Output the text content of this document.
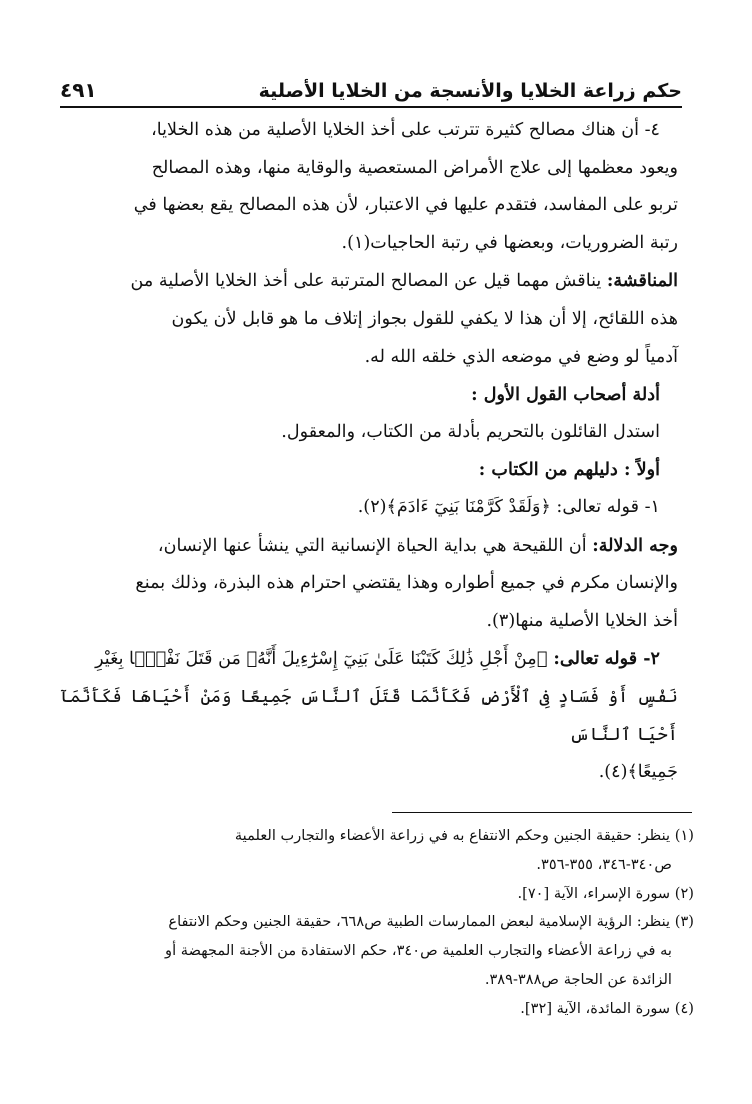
حكم زراعة الخلايا والأنسجة من الخلايا الأصلية
٤٩١

٤- أن هناك مصالح كثيرة تترتب على أخذ الخلايا الأصلية من هذه الخلايا،

ويعود معظمها إلى علاج الأمراض المستعصية والوقاية منها، وهذه المصالح

تربو على المفاسد، فتقدم عليها في الاعتبار، لأن هذه المصالح يقع بعضها في

رتبة الضروريات، وبعضها في رتبة الحاجيات(١).

المناقشة: يناقش مهما قيل عن المصالح المترتبة على أخذ الخلايا الأصلية من

هذه اللقائح، إلا أن هذا لا يكفي للقول بجواز إتلاف ما هو قابل لأن يكون

آدمياً لو وضع في موضعه الذي خلقه الله له.

أدلة أصحاب القول الأول :

استدل القائلون بالتحريم بأدلة من الكتاب، والمعقول.

أولاً : دليلهم من الكتاب :

١- قوله تعالى: ﴿وَلَقَدْ كَرَّمْنَا بَنِيٓ ءَادَمَ﴾(٢).

وجه الدلالة: أن اللقيحة هي بداية الحياة الإنسانية التي ينشأ عنها الإنسان،

والإنسان مكرم في جميع أطواره وهذا يقتضي احترام هذه البذرة، وذلك بمنع

أخذ الخلايا الأصلية منها(٣).

٢- قوله تعالى: ﴿مِنْ أَجْلِ ذَٰلِكَ كَتَبْنَا عَلَىٰ بَنِيٓ إِسْرَٰٓءِيلَ أَنَّهُۥ مَن قَتَلَ نَفْسًۢا بِغَيْرِ

نَفْسٍ أَوْ فَسَادٍ فِى ٱلْأَرْضِ فَكَأَنَّمَا قَتَلَ ٱلنَّاسَ جَمِيعًا وَمَنْ أَحْيَاهَا فَكَأَنَّمَآ أَحْيَا ٱلنَّاسَ

جَمِيعًا﴾(٤).

(١) ينظر: حقيقة الجنين وحكم الانتفاع به في زراعة الأعضاء والتجارب العلمية

ص٣٤٠-٣٤٦، ٣٥٥-٣٥٦.

(٢) سورة الإسراء، الآية [٧٠].

(٣) ينظر: الرؤية الإسلامية لبعض الممارسات الطبية ص٦٦٨، حقيقة الجنين وحكم الانتفاع

به في زراعة الأعضاء والتجارب العلمية ص٣٤٠، حكم الاستفادة من الأجنة المجهضة أو

الزائدة عن الحاجة ص٣٨٨-٣٨٩.

(٤) سورة المائدة، الآية [٣٢].
